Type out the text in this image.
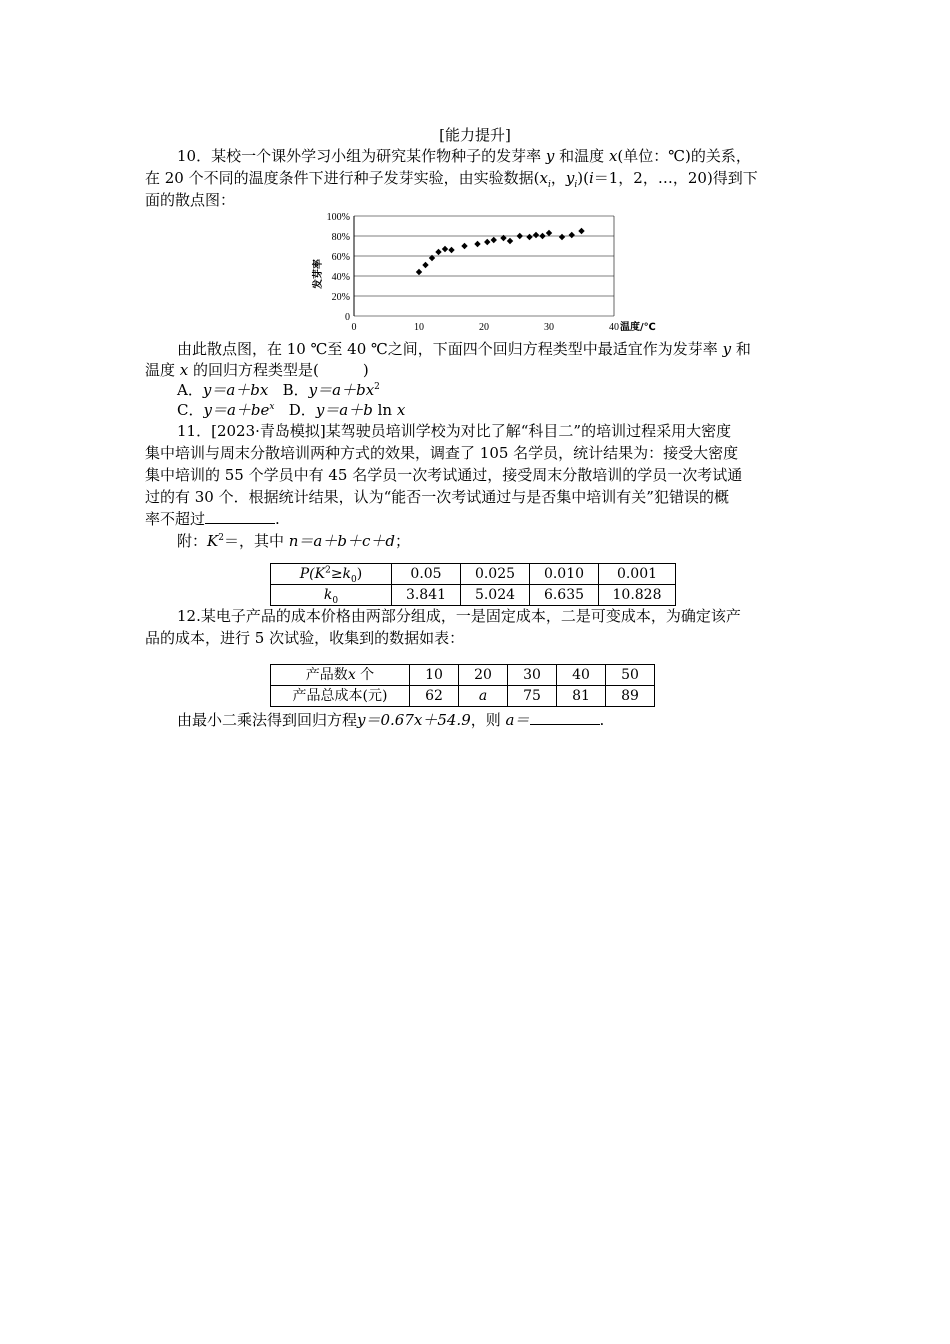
[能力提升]
10．某校一个课外学习小组为研究某作物种子的发芽率 y 和温度 x(单位：℃)的关系，
在 20 个不同的温度条件下进行种子发芽实验，由实验数据($x_i$，$y_i)(i=1$，2，…，20)得到下
面的散点图：
0
20%
40%
60%
80%
100%
0	10	20	30	40 温度/℃
发芽率
由此散点图，在 10 ℃至 40 ℃之间，下面四个回归方程类型中最适宜作为发芽率 y 和
温度 x 的回归方程类型是(	)
A．y＝a＋bx B．$y=a+bx^2$
C．$y=a+be^x$ D．y＝a＋b ln x
11．[2023·青岛模拟]某驾驶员培训学校为对比了解“科目二”的培训过程采用大密度
集中培训与周末分散培训两种方式的效果，调查了 105 名学员，统计结果为：接受大密度
集中培训的 55 个学员中有 45 名学员一次考试通过，接受周末分散培训的学员一次考试通
过的有 30 个．根据统计结果，认为“能否一次考试通过与是否集中培训有关”犯错误的概
率不超过	.
附：$K^2=$，其中 n＝a＋b＋c＋d；
$P(K^2\ge k_0)$	0.05	0.025	0.010	0.001
$k_0$	3.841	5.024	6.635	10.828
12.某电子产品的成本价格由两部分组成，一是固定成本，二是可变成本，为确定该产
品的成本，进行 5 次试验，收集到的数据如表：
产品数x 个	10	20	30	40	50
产品总成本(元)	62	a	75	81	89
由最小二乘法得到回归方程y＝0.67x＋54.9，则 a＝	.
